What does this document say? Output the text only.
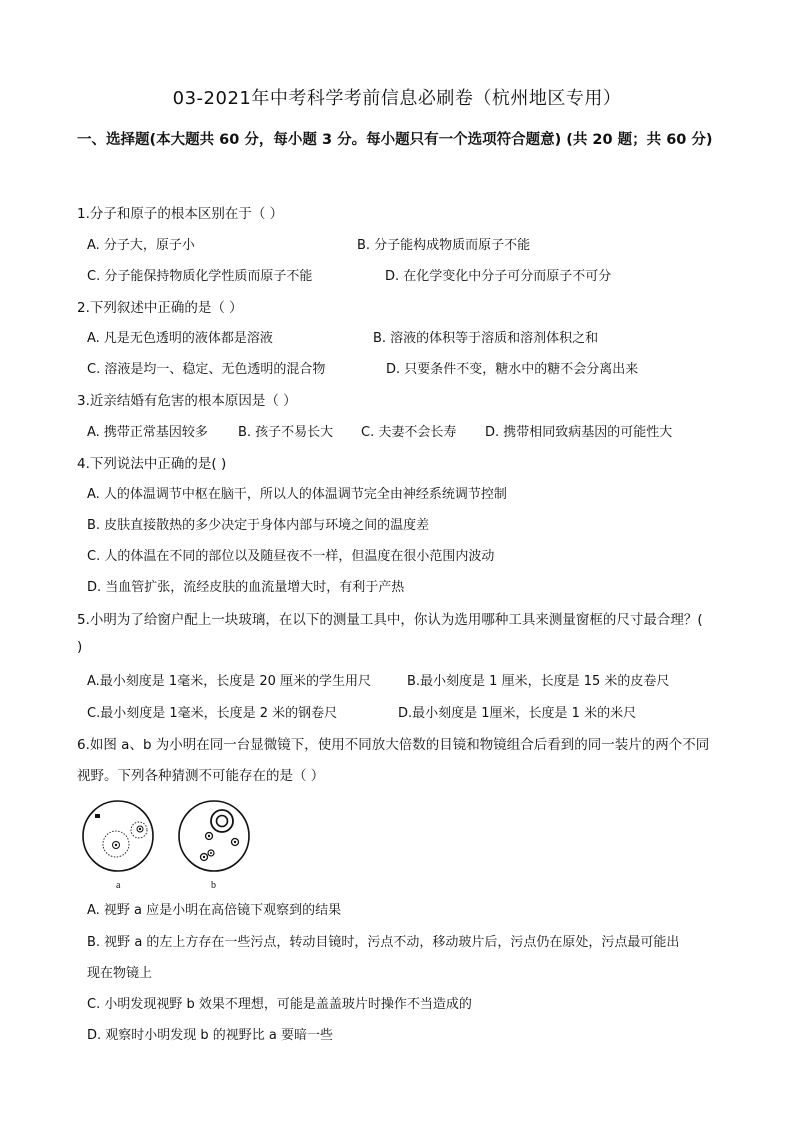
03-2021年中考科学考前信息必刷卷（杭州地区专用）
一、选择题(本大题共 60 分，每小题 3 分。每小题只有一个选项符合题意) (共 20 题；共 60 分)
1.分子和原子的根本区别在于（ ）
A. 分子大，原子小	B. 分子能构成物质而原子不能
C. 分子能保持物质化学性质而原子不能	D. 在化学变化中分子可分而原子不可分
2.下列叙述中正确的是（ ）
A. 凡是无色透明的液体都是溶液	B. 溶液的体积等于溶质和溶剂体积之和
C. 溶液是均一、稳定、无色透明的混合物	D. 只要条件不变，糖水中的糖不会分离出来
3.近亲结婚有危害的根本原因是（ ）
A. 携带正常基因较多 B. 孩子不易长大 C. 夫妻不会长寿 D. 携带相同致病基因的可能性大
4.下列说法中正确的是( )
A. 人的体温调节中枢在脑干，所以人的体温调节完全由神经系统调节控制
B. 皮肤直接散热的多少决定于身体内部与环境之间的温度差
C. 人的体温在不同的部位以及随昼夜不一样，但温度在很小范围内波动
D. 当血管扩张，流经皮肤的血流量增大时，有利于产热
5.小明为了给窗户配上一块玻璃，在以下的测量工具中，你认为选用哪种工具来测量窗框的尺寸最合理？(
)
A.最小刻度是 1毫米，长度是 20 厘米的学生用尺	B.最小刻度是 1 厘米，长度是 15 米的皮卷尺
C.最小刻度是 1毫米，长度是 2 米的钢卷尺	D.最小刻度是 1厘米，长度是 1 米的米尺
6.如图 a、b 为小明在同一台显微镜下，使用不同放大倍数的目镜和物镜组合后看到的同一装片的两个不同
视野。下列各种猜测不可能存在的是（ ）
a	b
A. 视野 a 应是小明在高倍镜下观察到的结果
B. 视野 a 的左上方存在一些污点，转动目镜时，污点不动，移动玻片后，污点仍在原处，污点最可能出
现在物镜上
C. 小明发现视野 b 效果不理想，可能是盖盖玻片时操作不当造成的
D. 观察时小明发现 b 的视野比 a 要暗一些
